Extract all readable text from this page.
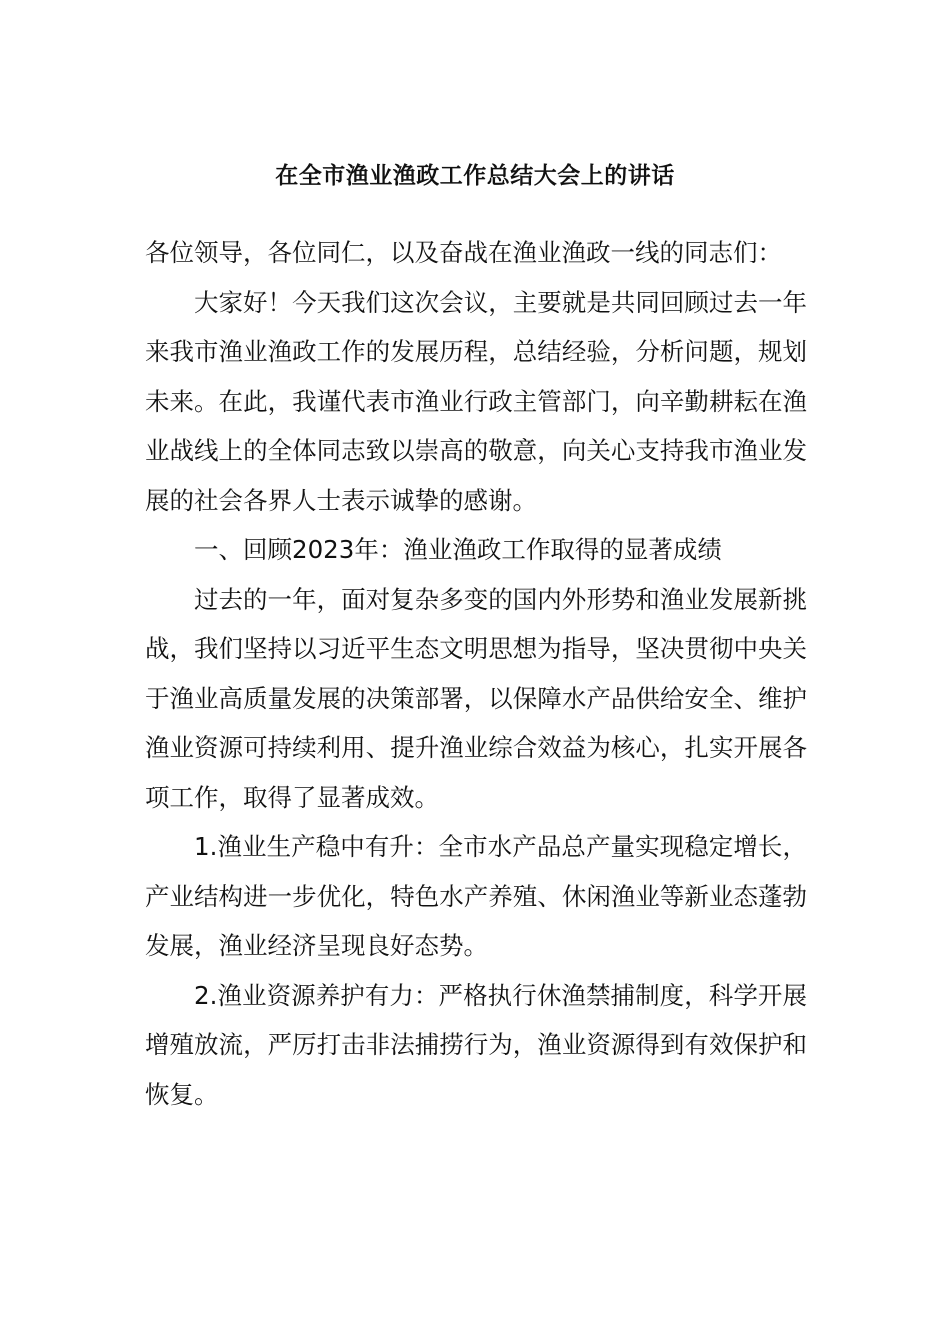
在全市渔业渔政工作总结大会上的讲话

各位领导，各位同仁，以及奋战在渔业渔政一线的同志们：

大家好！今天我们这次会议，主要就是共同回顾过去一年来我市渔业渔政工作的发展历程，总结经验，分析问题，规划未来。在此，我谨代表市渔业行政主管部门，向辛勤耕耘在渔业战线上的全体同志致以崇高的敬意，向关心支持我市渔业发展的社会各界人士表示诚挚的感谢。

一、回顾2023年：渔业渔政工作取得的显著成绩

过去的一年，面对复杂多变的国内外形势和渔业发展新挑战，我们坚持以习近平生态文明思想为指导，坚决贯彻中央关于渔业高质量发展的决策部署，以保障水产品供给安全、维护渔业资源可持续利用、提升渔业综合效益为核心，扎实开展各项工作，取得了显著成效。

1.渔业生产稳中有升：全市水产品总产量实现稳定增长，产业结构进一步优化，特色水产养殖、休闲渔业等新业态蓬勃发展，渔业经济呈现良好态势。

2.渔业资源养护有力：严格执行休渔禁捕制度，科学开展增殖放流，严厉打击非法捕捞行为，渔业资源得到有效保护和恢复。
